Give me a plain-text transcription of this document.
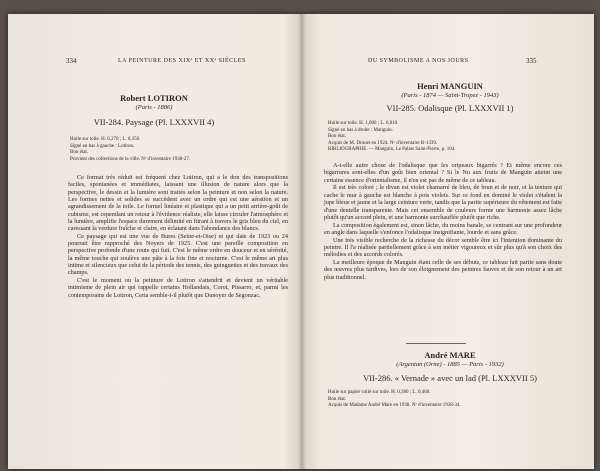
334	LA PEINTURE DES XIXᵉ ET XXᵉ SIÈCLES
Robert LOTIRON
(Paris - 1886)
VII-284. Paysage (Pl. LXXXVII 4)
Huile sur toile. H. 0,270 ; L. 0,350.
Signé en bas à gauche : Lotiron.
Bon état.
Provient des collections de la ville. Nᵒ d'inventaire 1938-27.

Ce format très réduit est fréquent chez Lotiron, qui a le don des transpositions faciles, spontanées et immédiates, laissant une illusion de nature alors que la perspective, le dessin et la lumière sont traités selon la peinture et non selon la nature. Les formes nettes et solides se succèdent avec un ordre qui est une aération et un agrandissement de la toile. Le formel linéaire et plastique qui a un petit arrière-goût de cubisme, est cependant un retour à l'évidence réaliste, elle laisse circuler l'atmosphère et la lumière, amplifie l'espace durement délimité en fitrant à travers le gris bleu du ciel, en caressant la verdure fraîche et claire, en éclatant dans l'abondance des blancs.

Ce paysage qui est une vue de Bures (Seine-et-Oise) et qui date de 1923 ou 24 pourrait être rapproché des Noyers de 1925. C'est une pareille composition en perspective profonde d'une route qui fuit. C'est le même ordre en douceur et en sérénité, la même touche qui soulève une pâte à la fois fine et nocturne. C'est le même art plus intime et silencieux que celui de la période des tennis, des guinguettes et des travaux des champs.

C'est le moment où la peinture de Lotiron s'attendrit et devient un véritable intimisme de plein air qui rappelle certains Hollandais, Corot, Pissarro, et, parmi les contemporains de Lotiron, Ceria semble-t-il plutôt que Dunoyer de Segonzac.

DU SYMBOLISME A NOS JOURS	335
Henri MANGUIN
(Paris - 1874 — Saint-Tropez - 1943)
VII-285. Odalisque (Pl. LXXXVII 1)
Huile sur toile. H. 1,000 ; L. 0,810.
Signé en bas à droite : Manguin.
Bon état.
Acquis de M. Drouet en 1924. Nᵒ d'inventaire B-1339.
BIBLIOGRAPHIE. — Manguin, Le Palais Saint-Pierre, p. 104.

A-t-elle autre chose de l'odalisque que les oripeaux bigarrés ? Et même encore ces bigarrures sont-elles d'un goût bien oriental ? Si le Nu aux fruits de Manguin atteint une certaine essence d'orientalisme, il n'en est pas de même de ce tableau.

Il est très coloré ; le divan est violet chamarré de bleu, de brun et de noir, et la tenture qui cache le mur à gauche est blanche à pois violets. Sur ce fond en dominé le violet s'étalent la jupe bleue et jaune et la large ceinture verte, tandis que la partie supérieure du vêtement est faite d'une dentelle transparente. Mais cet ensemble de couleurs forme une harmonie assez lâche plutôt qu'un accord plein, et une harmonie surchauffée plutôt que riche.

La composition également est, sinon lâche, du moins banale, se centrant sur une profondeur en angle dans laquelle s'enfonce l'odalisque insignifiante, lourde et sans grâce.

Une très visible recherche de la richesse du décor semble être ici l'intention dominante du peintre. Il l'a réalisée partiellement grâce à son métier vigoureux et sûr plus qu'à son choix des mélodies et des accords colorés.

La meilleure époque de Manguin étant celle de ses débuts, ce tableau fait partie sans doute des œuvres plus tardives, lors de son éloignement des peintres fauves et de son retour à un art plus traditionnel.

André MARE
(Argentan (Orne) - 1885 — Paris - 1932)
VII-286. « Vernade » avec un lad (Pl. LXXXVII 5)
Huile sur papier collé sur toile. H. 0,380 ; L. 0,460.
Bon état.
Acquis de Madame André Mare en 1938. Nᵒ d'inventaire 1938-34.
